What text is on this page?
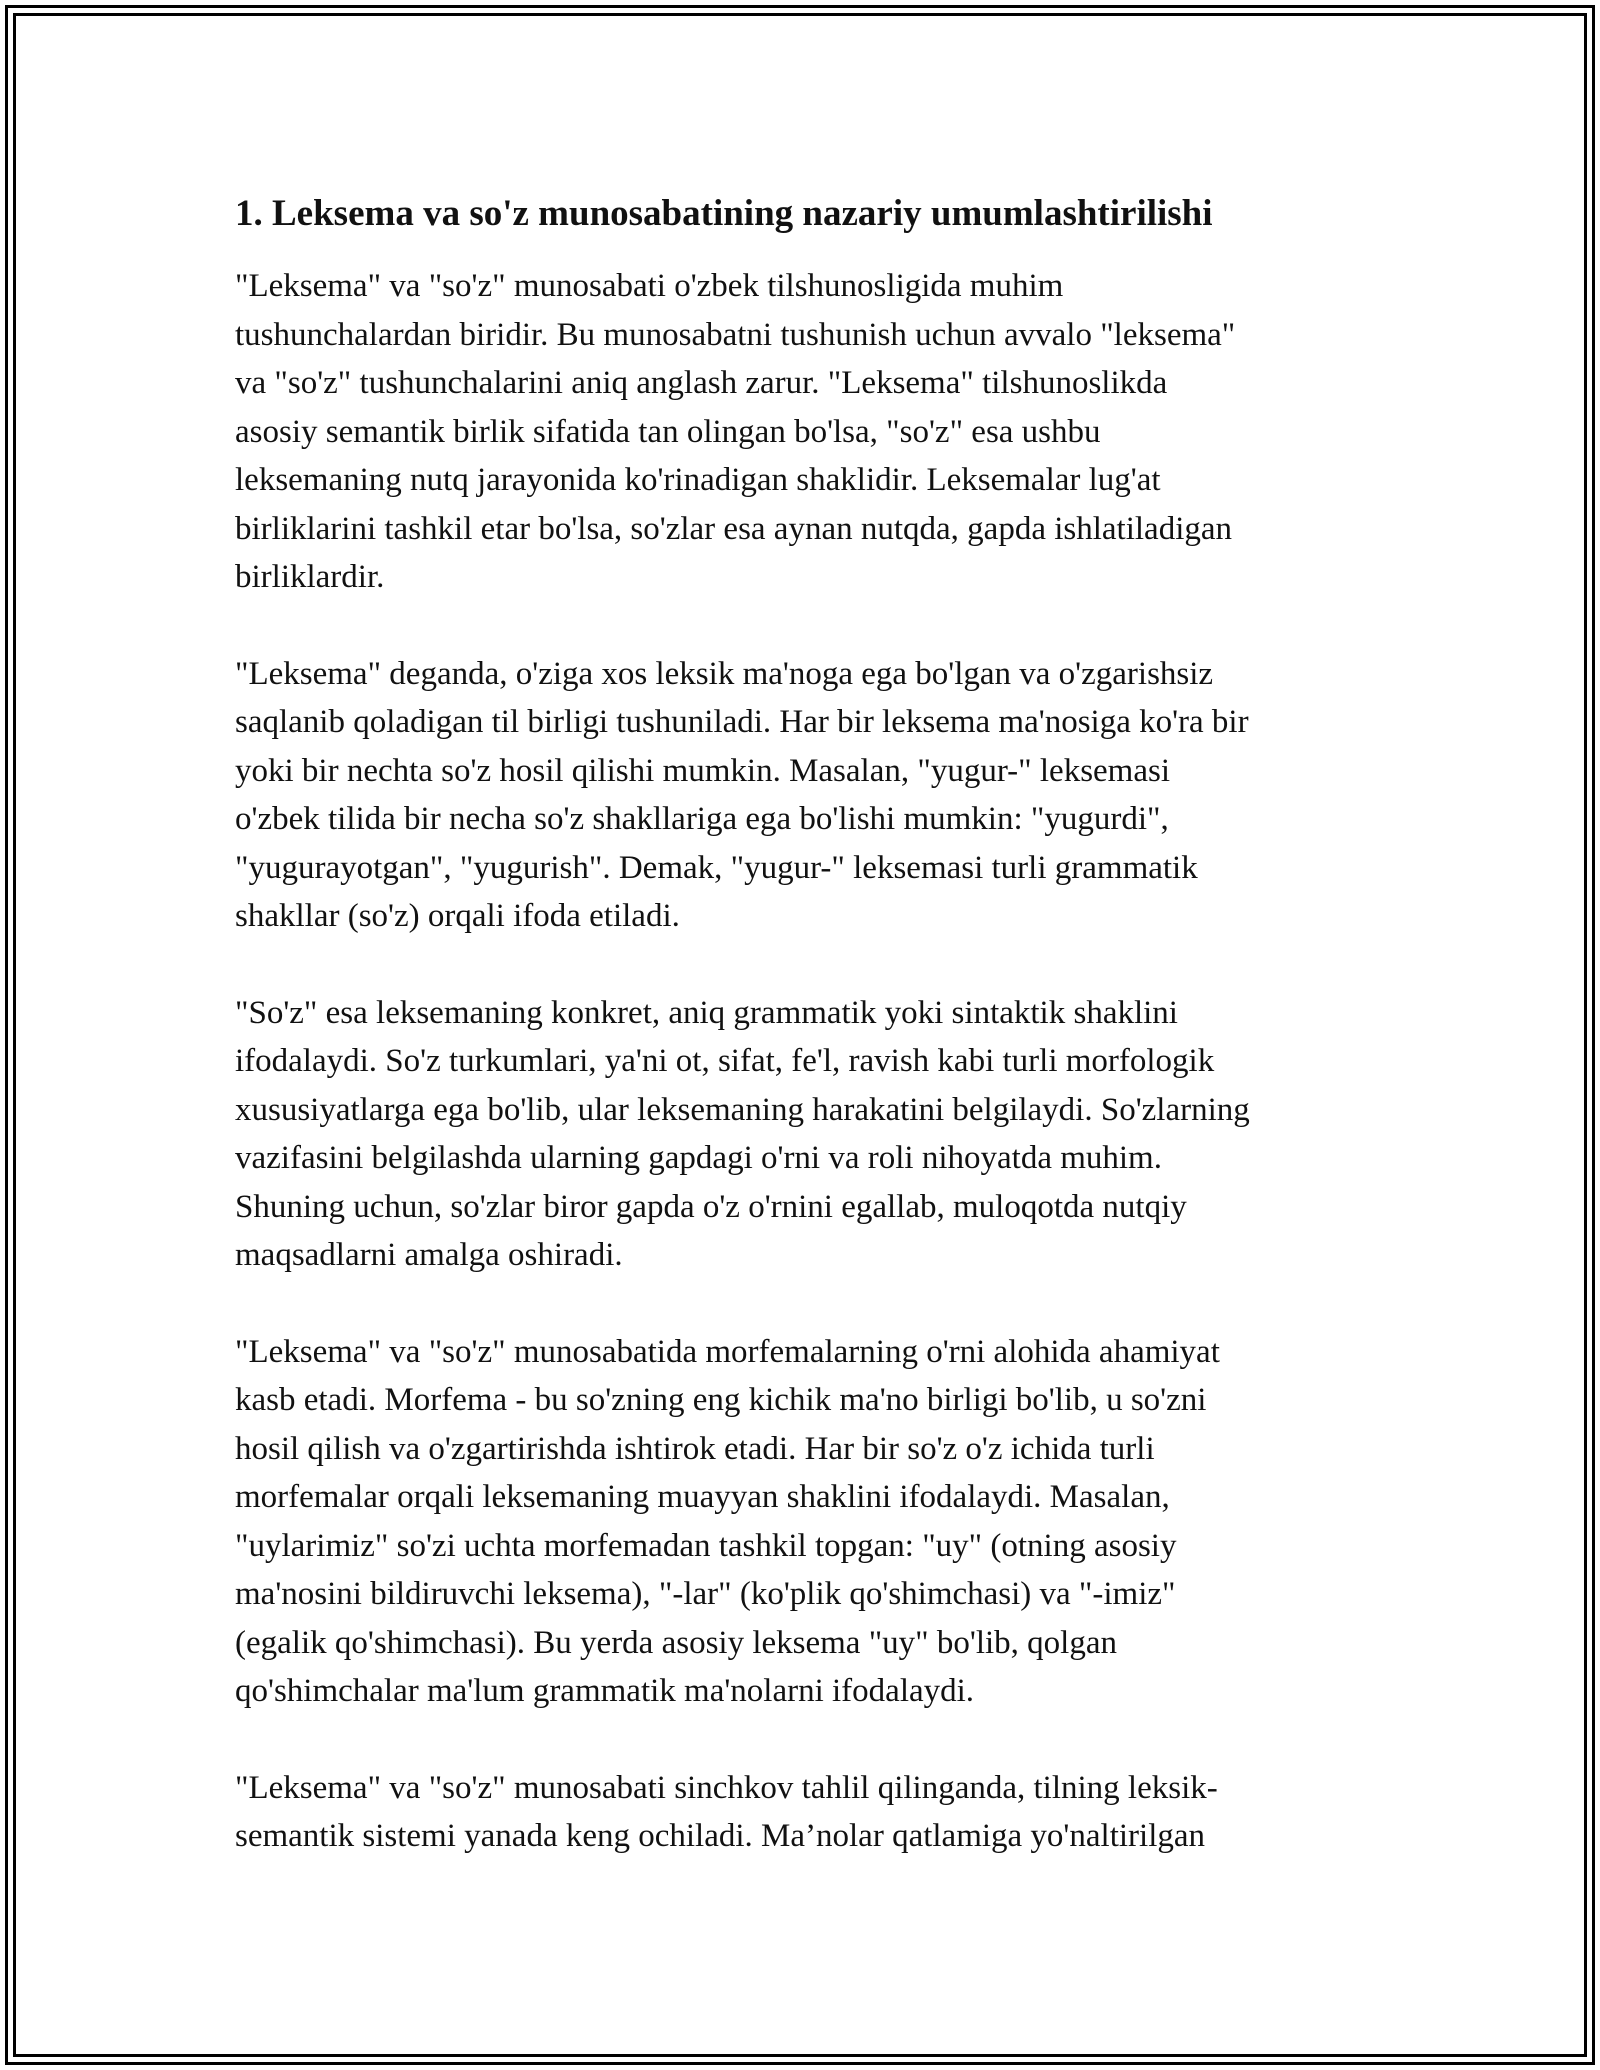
1. Leksema va so'z munosabatining nazariy umumlashtirilishi

"Leksema" va "so'z" munosabati o'zbek tilshunosligida muhim
tushunchalardan biridir. Bu munosabatni tushunish uchun avvalo "leksema"
va "so'z" tushunchalarini aniq anglash zarur. "Leksema" tilshunoslikda
asosiy semantik birlik sifatida tan olingan bo'lsa, "so'z" esa ushbu
leksemaning nutq jarayonida ko'rinadigan shaklidir. Leksemalar lug'at
birliklarini tashkil etar bo'lsa, so'zlar esa aynan nutqda, gapda ishlatiladigan
birliklardir.

"Leksema" deganda, o'ziga xos leksik ma'noga ega bo'lgan va o'zgarishsiz
saqlanib qoladigan til birligi tushuniladi. Har bir leksema ma'nosiga ko'ra bir
yoki bir nechta so'z hosil qilishi mumkin. Masalan, "yugur-" leksemasi
o'zbek tilida bir necha so'z shakllariga ega bo'lishi mumkin: "yugurdi",
"yugurayotgan", "yugurish". Demak, "yugur-" leksemasi turli grammatik
shakllar (so'z) orqali ifoda etiladi.

"So'z" esa leksemaning konkret, aniq grammatik yoki sintaktik shaklini
ifodalaydi. So'z turkumlari, ya'ni ot, sifat, fe'l, ravish kabi turli morfologik
xususiyatlarga ega bo'lib, ular leksemaning harakatini belgilaydi. So'zlarning
vazifasini belgilashda ularning gapdagi o'rni va roli nihoyatda muhim.
Shuning uchun, so'zlar biror gapda o'z o'rnini egallab, muloqotda nutqiy
maqsadlarni amalga oshiradi.

"Leksema" va "so'z" munosabatida morfemalarning o'rni alohida ahamiyat
kasb etadi. Morfema - bu so'zning eng kichik ma'no birligi bo'lib, u so'zni
hosil qilish va o'zgartirishda ishtirok etadi. Har bir so'z o'z ichida turli
morfemalar orqali leksemaning muayyan shaklini ifodalaydi. Masalan,
"uylarimiz" so'zi uchta morfemadan tashkil topgan: "uy" (otning asosiy
ma'nosini bildiruvchi leksema), "-lar" (ko'plik qo'shimchasi) va "-imiz"
(egalik qo'shimchasi). Bu yerda asosiy leksema "uy" bo'lib, qolgan
qo'shimchalar ma'lum grammatik ma'nolarni ifodalaydi.

"Leksema" va "so'z" munosabati sinchkov tahlil qilinganda, tilning leksik-
semantik sistemi yanada keng ochiladi. Ma’nolar qatlamiga yo'naltirilgan
